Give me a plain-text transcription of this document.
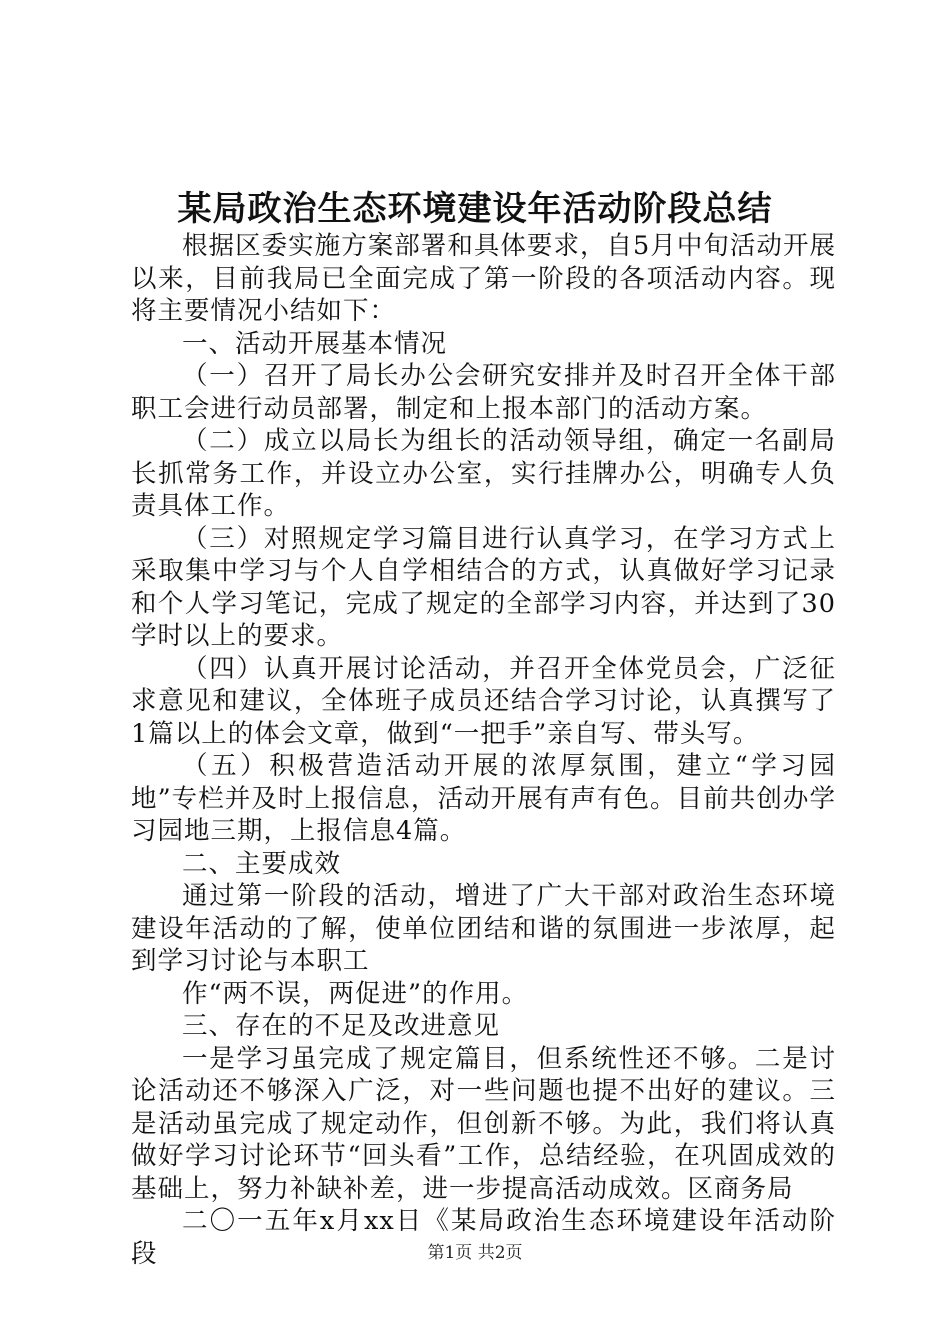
某局政治生态环境建设年活动阶段总结

根据区委实施方案部署和具体要求，自5月中旬活动开展以来，目前我局已全面完成了第一阶段的各项活动内容。现将主要情况小结如下：

一、活动开展基本情况

（一）召开了局长办公会研究安排并及时召开全体干部职工会进行动员部署，制定和上报本部门的活动方案。

（二）成立以局长为组长的活动领导组，确定一名副局长抓常务工作，并设立办公室，实行挂牌办公，明确专人负责具体工作。

（三）对照规定学习篇目进行认真学习，在学习方式上采取集中学习与个人自学相结合的方式，认真做好学习记录和个人学习笔记，完成了规定的全部学习内容，并达到了30学时以上的要求。

（四）认真开展讨论活动，并召开全体党员会，广泛征求意见和建议，全体班子成员还结合学习讨论，认真撰写了1篇以上的体会文章，做到“一把手”亲自写、带头写。

（五）积极营造活动开展的浓厚氛围，建立“学习园地”专栏并及时上报信息，活动开展有声有色。目前共创办学习园地三期，上报信息4篇。

二、主要成效

通过第一阶段的活动，增进了广大干部对政治生态环境建设年活动的了解，使单位团结和谐的氛围进一步浓厚，起到学习讨论与本职工

作“两不误，两促进”的作用。

三、存在的不足及改进意见

一是学习虽完成了规定篇目，但系统性还不够。二是讨论活动还不够深入广泛，对一些问题也提不出好的建议。三是活动虽完成了规定动作，但创新不够。为此，我们将认真做好学习讨论环节“回头看”工作，总结经验，在巩固成效的基础上，努力补缺补差，进一步提高活动成效。区商务局

二〇一五年x月xx日《某局政治生态环境建设年活动阶段	第1页 共2页
